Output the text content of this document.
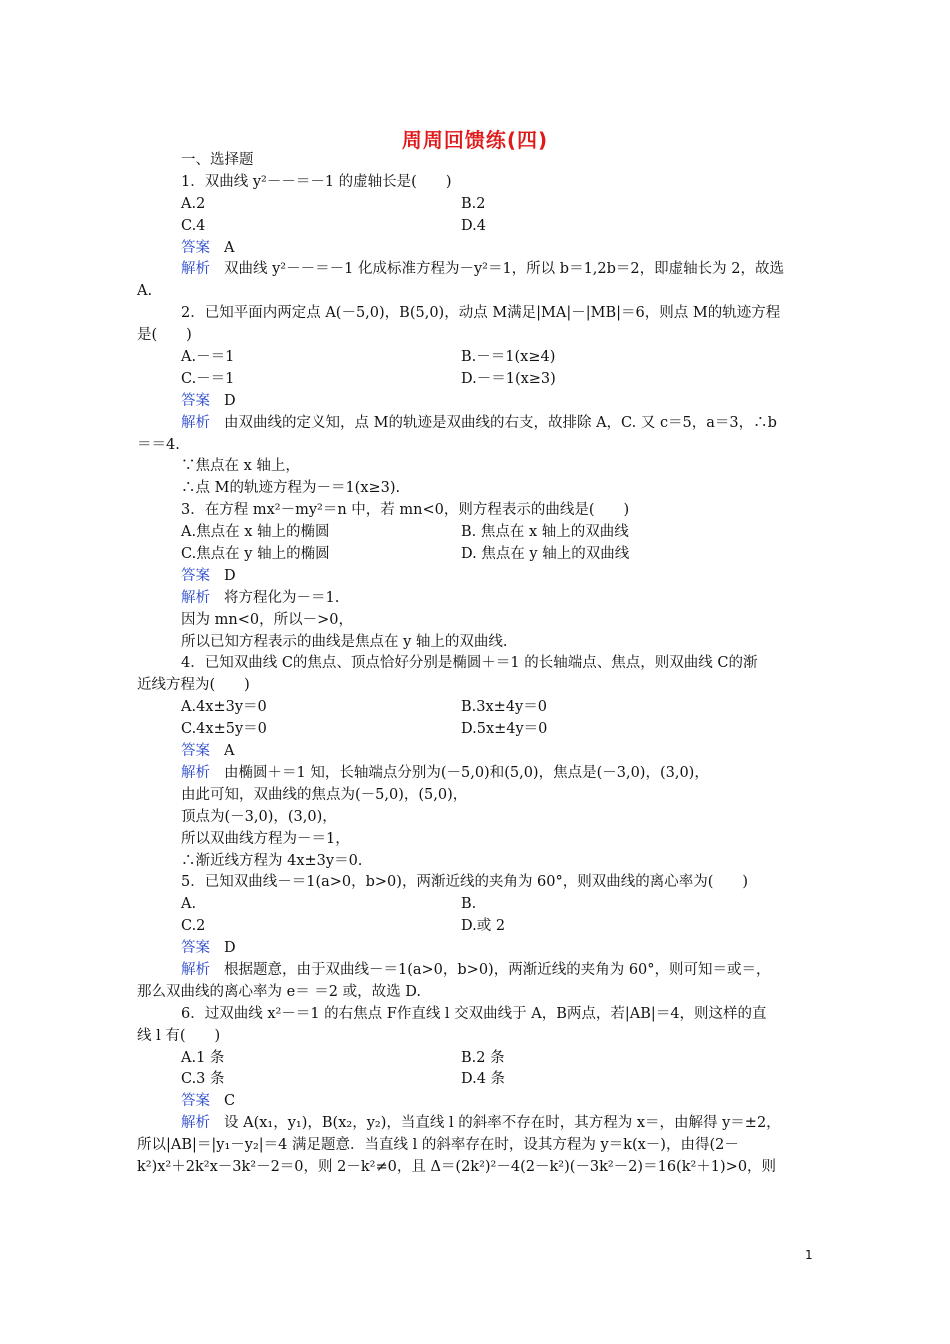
周周回馈练(四)
一、选择题
1．双曲线 y²－－＝－1 的虚轴长是(　　)
A.2	B.2
C.4	D.4
答案 A
解析 双曲线 y²－－＝－1 化成标准方程为－y²＝1，所以 b＝1,2b＝2，即虚轴长为 2，故选
A.
2．已知平面内两定点 A(－5,0)，B(5,0)，动点 M满足|MA|－|MB|＝6，则点 M的轨迹方程
是(　　)
A.－＝1	B.－＝1(x≥4)
C.－＝1	D.－＝1(x≥3)
答案 D
解析 由双曲线的定义知，点 M的轨迹是双曲线的右支，故排除 A，C. 又 c＝5，a＝3，∴b
＝＝4.
∵焦点在 x 轴上，
∴点 M的轨迹方程为－＝1(x≥3).
3．在方程 mx²－my²＝n 中，若 mn<0，则方程表示的曲线是(　　)
A.焦点在 x 轴上的椭圆	B. 焦点在 x 轴上的双曲线
C.焦点在 y 轴上的椭圆	D. 焦点在 y 轴上的双曲线
答案 D
解析 将方程化为－＝1.
因为 mn<0，所以－>0，
所以已知方程表示的曲线是焦点在 y 轴上的双曲线.
4．已知双曲线 C的焦点、顶点恰好分别是椭圆＋＝1 的长轴端点、焦点，则双曲线 C的渐
近线方程为(　　)
A.4x±3y＝0	B.3x±4y＝0
C.4x±5y＝0	D.5x±4y＝0
答案 A
解析 由椭圆＋＝1 知，长轴端点分别为(－5,0)和(5,0)，焦点是(－3,0)，(3,0)，
由此可知，双曲线的焦点为(－5,0)，(5,0)，
顶点为(－3,0)，(3,0)，
所以双曲线方程为－＝1，
∴渐近线方程为 4x±3y＝0.
5．已知双曲线－＝1(a>0，b>0)，两渐近线的夹角为 60°，则双曲线的离心率为(　　)
A.	B.
C.2	D.或 2
答案 D
解析 根据题意，由于双曲线－＝1(a>0，b>0)，两渐近线的夹角为 60°，则可知＝或＝，
那么双曲线的离心率为 e＝ ＝2 或，故选 D.
6．过双曲线 x²－＝1 的右焦点 F作直线 l 交双曲线于 A，B两点，若|AB|＝4，则这样的直
线 l 有(　　)
A.1 条	B.2 条
C.3 条	D.4 条
答案 C
解析 设 A(x₁，y₁)，B(x₂，y₂)，当直线 l 的斜率不存在时，其方程为 x＝，由解得 y＝±2，
所以|AB|＝|y₁－y₂|＝4 满足题意．当直线 l 的斜率存在时，设其方程为 y＝k(x－)，由得(2－
k²)x²＋2k²x－3k²－2＝0，则 2－k²≠0，且 Δ＝(2k²)²－4(2－k²)(－3k²－2)＝16(k²＋1)>0，则
1
